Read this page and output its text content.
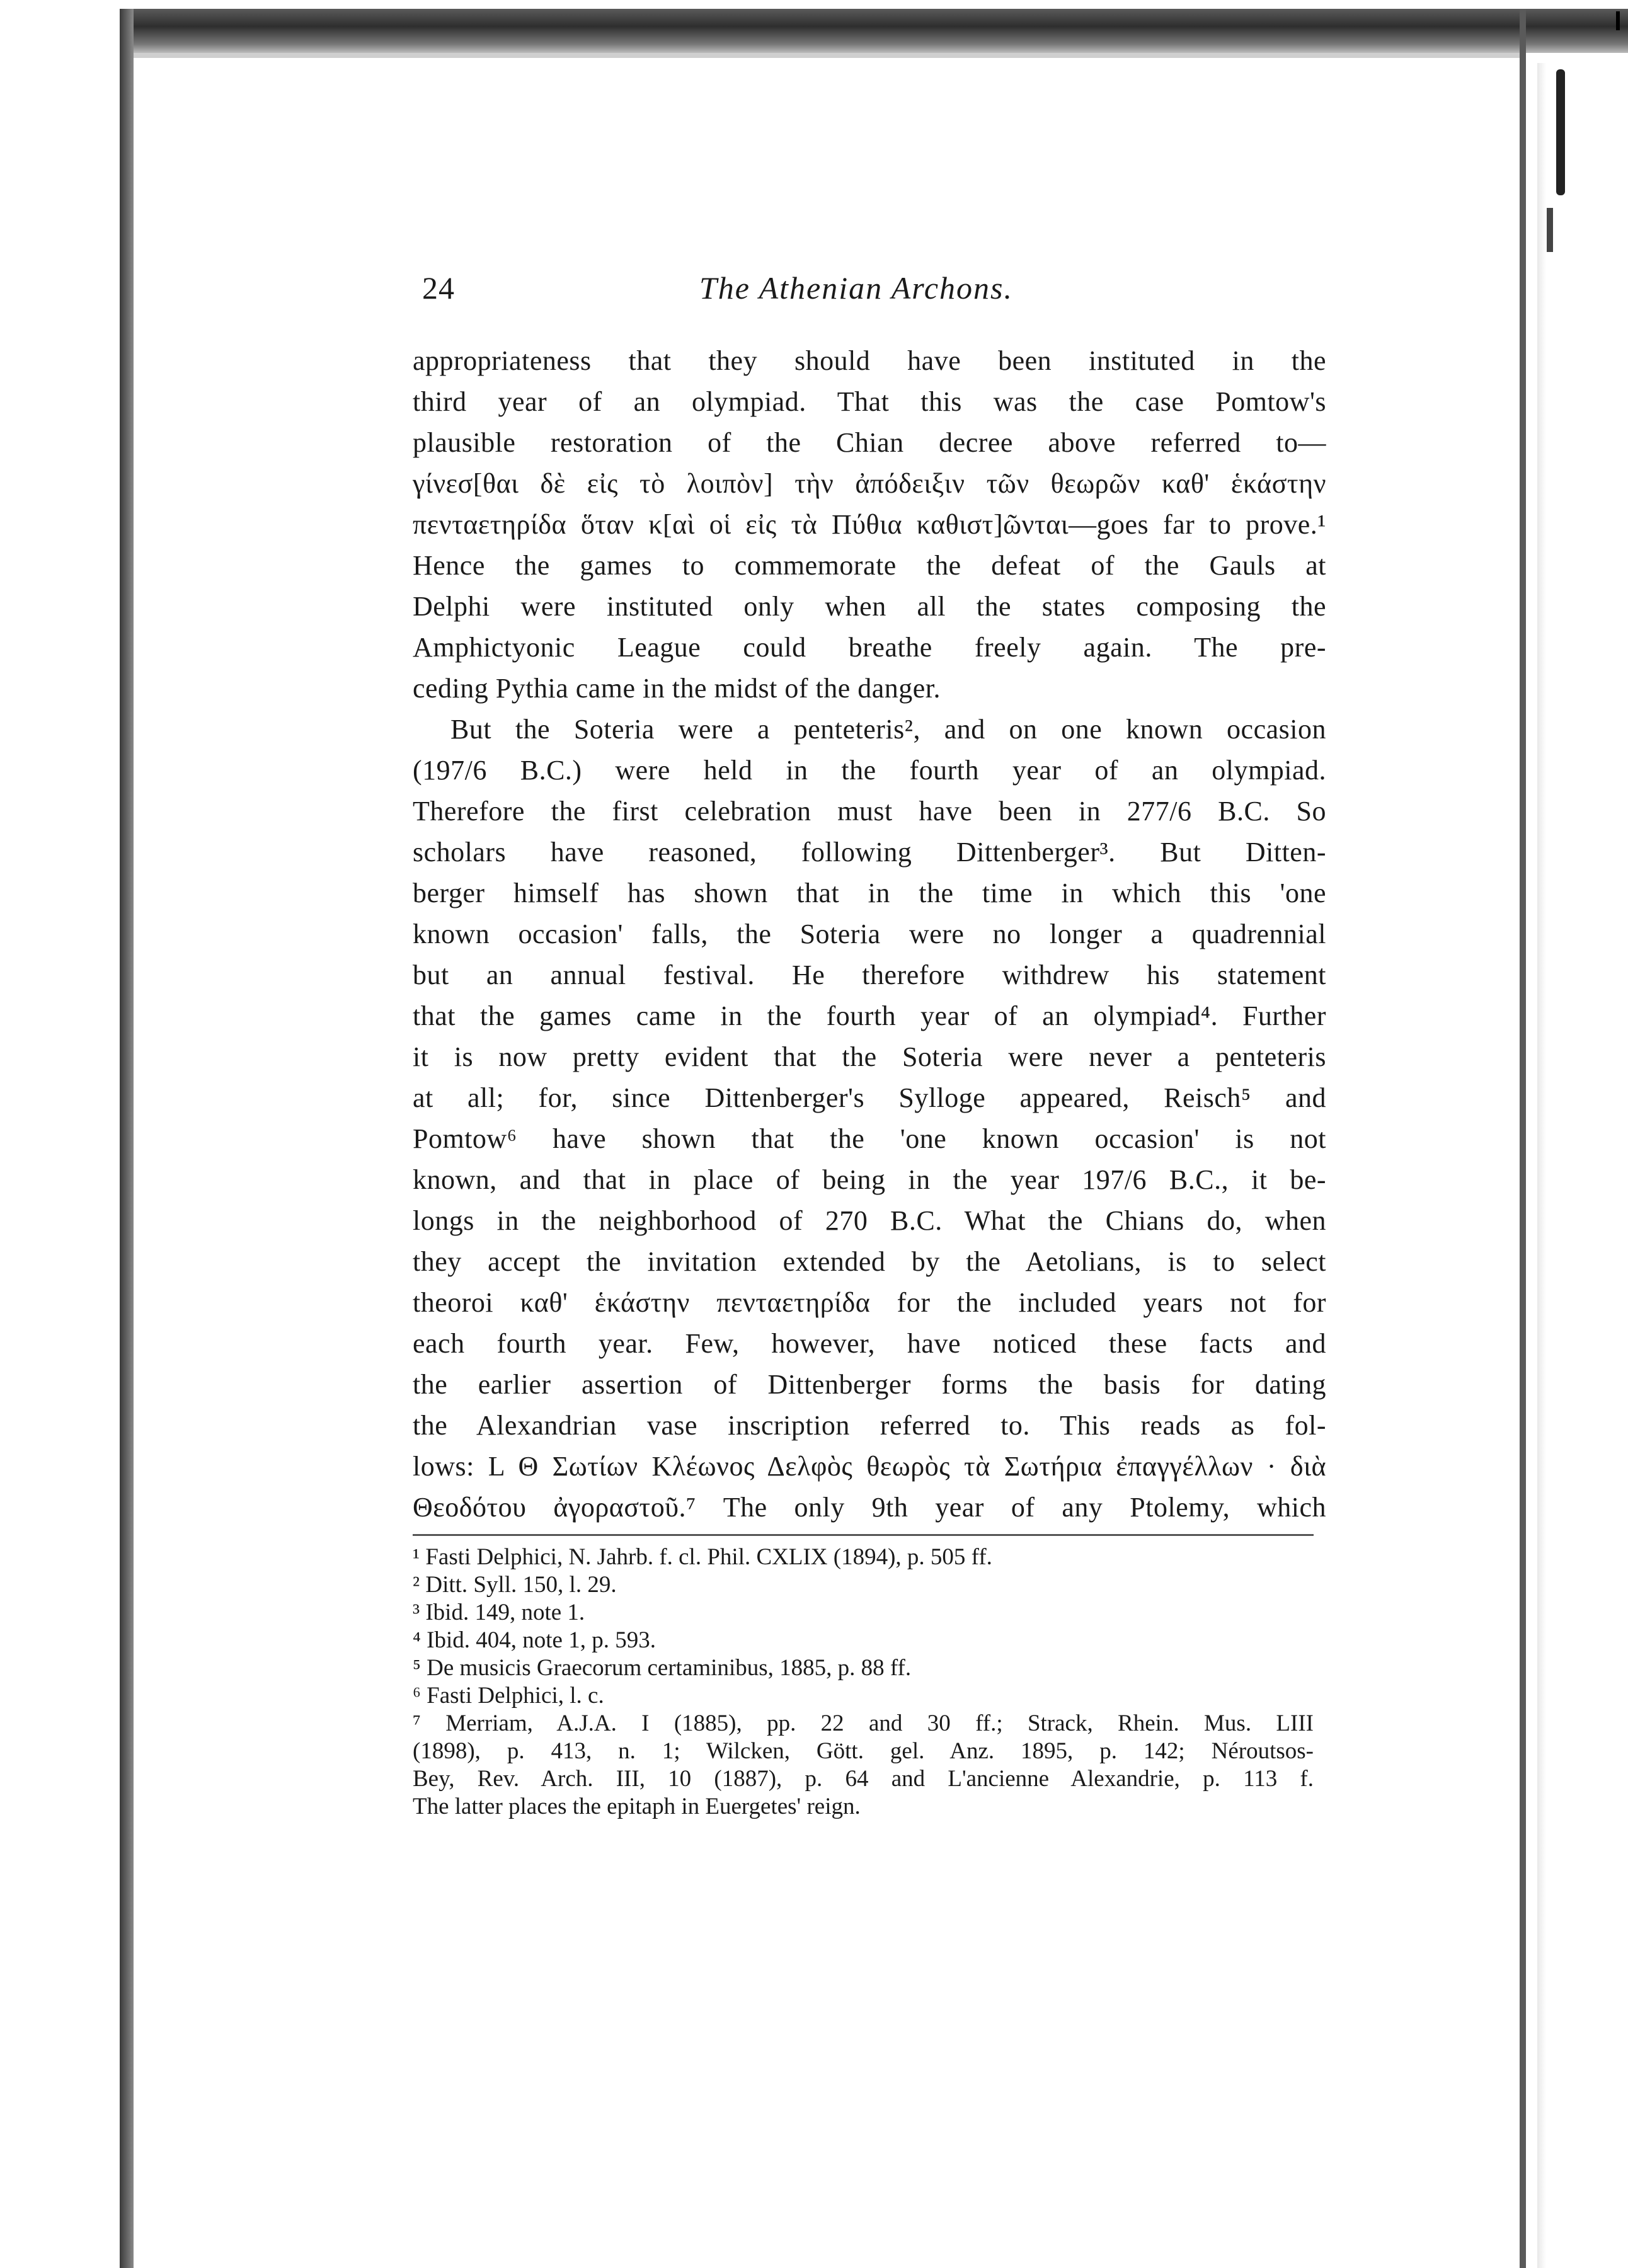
24	The Athenian Archons.
appropriateness that they should have been instituted in the
third year of an olympiad. That this was the case Pomtow's
plausible restoration of the Chian decree above referred to—
γίνεσ[θαι δὲ εἰς τὸ λοιπὸν] τὴν ἀπόδειξιν τῶν θεωρῶν καθ' ἑκάστην
πενταετηρίδα ὅταν κ[αὶ οἱ εἰς τὰ Πύθια καθιστ]ῶνται—goes far to prove.¹
Hence the games to commemorate the defeat of the Gauls at
Delphi were instituted only when all the states composing the
Amphictyonic League could breathe freely again. The pre-
ceding Pythia came in the midst of the danger.
But the Soteria were a penteteris², and on one known occasion
(197/6 B.C.) were held in the fourth year of an olympiad.
Therefore the first celebration must have been in 277/6 B.C. So
scholars have reasoned, following Dittenberger³. But Ditten-
berger himself has shown that in the time in which this 'one
known occasion' falls, the Soteria were no longer a quadrennial
but an annual festival. He therefore withdrew his statement
that the games came in the fourth year of an olympiad⁴. Further
it is now pretty evident that the Soteria were never a penteteris
at all; for, since Dittenberger's Sylloge appeared, Reisch⁵ and
Pomtow⁶ have shown that the 'one known occasion' is not
known, and that in place of being in the year 197/6 B.C., it be-
longs in the neighborhood of 270 B.C. What the Chians do, when
they accept the invitation extended by the Aetolians, is to select
theoroi καθ' ἑκάστην πενταετηρίδα for the included years not for
each fourth year. Few, however, have noticed these facts and
the earlier assertion of Dittenberger forms the basis for dating
the Alexandrian vase inscription referred to. This reads as fol-
lows: L Θ Σωτίων Κλέωνος Δελφὸς θεωρὸς τὰ Σωτήρια ἐπαγγέλλων · διὰ
Θεοδότου ἀγοραστοῦ.⁷ The only 9th year of any Ptolemy, which
¹ Fasti Delphici, N. Jahrb. f. cl. Phil. CXLIX (1894), p. 505 ff.
² Ditt. Syll. 150, l. 29.
³ Ibid. 149, note 1.
⁴ Ibid. 404, note 1, p. 593.
⁵ De musicis Graecorum certaminibus, 1885, p. 88 ff.
⁶ Fasti Delphici, l. c.
⁷ Merriam, A.J.A. I (1885), pp. 22 and 30 ff.; Strack, Rhein. Mus. LIII
(1898), p. 413, n. 1; Wilcken, Gött. gel. Anz. 1895, p. 142; Néroutsos-
Bey, Rev. Arch. III, 10 (1887), p. 64 and L'ancienne Alexandrie, p. 113 f.
The latter places the epitaph in Euergetes' reign.
